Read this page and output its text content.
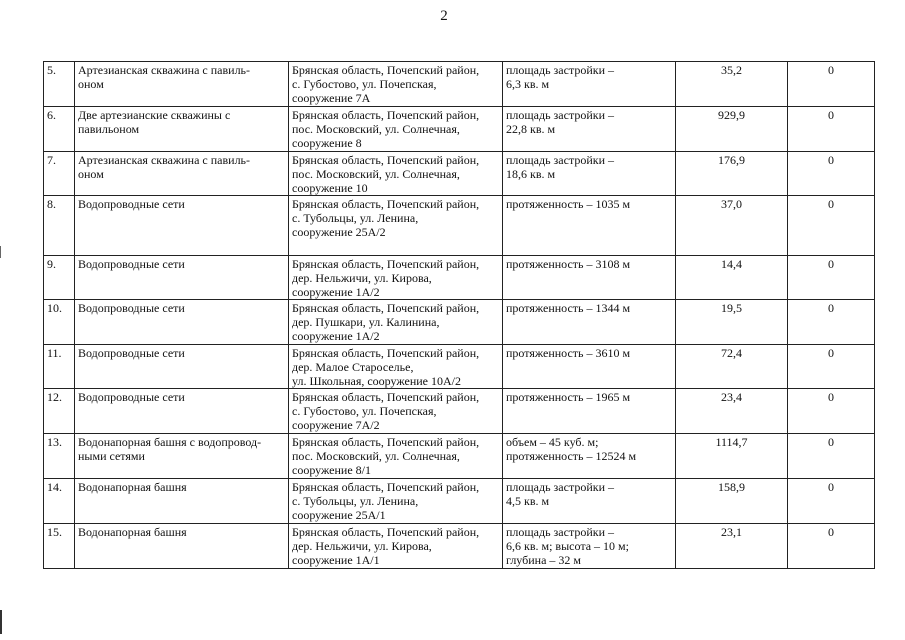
2
5.	Артезианская скважина с павиль-
оном	Брянская область, Почепский район,
с. Губостово, ул. Почепская,
сооружение 7А	площадь застройки –
6,3 кв. м	35,2	0
6.	Две артезианские скважины с
павильоном	Брянская область, Почепский район,
пос. Московский, ул. Солнечная,
сооружение 8	площадь застройки –
22,8 кв. м	929,9	0
7.	Артезианская скважина с павиль-
оном	Брянская область, Почепский район,
пос. Московский, ул. Солнечная,
сооружение 10	площадь застройки –
18,6 кв. м	176,9	0
8.	Водопроводные сети	Брянская область, Почепский район,
с. Тубольцы, ул. Ленина,
сооружение 25А/2	протяженность – 1035 м	37,0	0
9.	Водопроводные сети	Брянская область, Почепский район,
дер. Нельжичи, ул. Кирова,
сооружение 1А/2	протяженность – 3108 м	14,4	0
10.	Водопроводные сети	Брянская область, Почепский район,
дер. Пушкари, ул. Калинина,
сооружение 1А/2	протяженность – 1344 м	19,5	0
11.	Водопроводные сети	Брянская область, Почепский район,
дер. Малое Староселье,
ул. Школьная, сооружение 10А/2	протяженность – 3610 м	72,4	0
12.	Водопроводные сети	Брянская область, Почепский район,
с. Губостово, ул. Почепская,
сооружение 7А/2	протяженность – 1965 м	23,4	0
13.	Водонапорная башня с водопровод-
ными сетями	Брянская область, Почепский район,
пос. Московский, ул. Солнечная,
сооружение 8/1	объем – 45 куб. м;
протяженность – 12524 м	1114,7	0
14.	Водонапорная башня	Брянская область, Почепский район,
с. Тубольцы, ул. Ленина,
сооружение 25А/1	площадь застройки –
4,5 кв. м	158,9	0
15.	Водонапорная башня	Брянская область, Почепский район,
дер. Нельжичи, ул. Кирова,
сооружение 1А/1	площадь застройки –
6,6 кв. м; высота – 10 м;
глубина – 32 м	23,1	0
